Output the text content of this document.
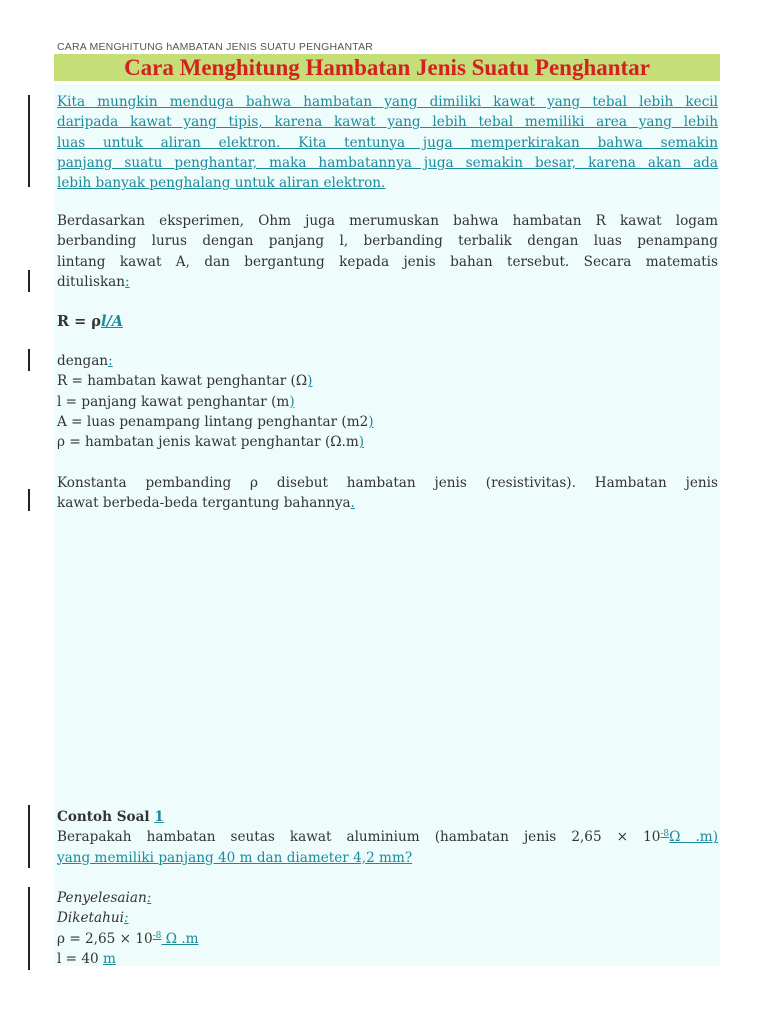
CARA MENGHITUNG hAMBATAN JENIS SUATU PENGHANTAR
Cara Menghitung Hambatan Jenis Suatu Penghantar
Kita mungkin menduga bahwa hambatan yang dimiliki kawat yang tebal lebih kecil
daripada kawat yang tipis, karena kawat yang lebih tebal memiliki area yang lebih
luas untuk aliran elektron. Kita tentunya juga memperkirakan bahwa semakin
panjang suatu penghantar, maka hambatannya juga semakin besar, karena akan ada
lebih banyak penghalang untuk aliran elektron.
Berdasarkan eksperimen, Ohm juga merumuskan bahwa hambatan R kawat logam
berbanding lurus dengan panjang l, berbanding terbalik dengan luas penampang
lintang kawat A, dan bergantung kepada jenis bahan tersebut. Secara matematis
dituliskan:
R = ρl/A
dengan:
R = hambatan kawat penghantar (Ω)
l = panjang kawat penghantar (m)
A = luas penampang lintang penghantar (m2)
ρ = hambatan jenis kawat penghantar (Ω.m)
Konstanta pembanding ρ disebut hambatan jenis (resistivitas). Hambatan jenis
kawat berbeda-beda tergantung bahannya.
Contoh Soal 1
Berapakah hambatan seutas kawat aluminium (hambatan jenis $2,65 \times 10^{-8}\Omega$ .m)
yang memiliki panjang 40 m dan diameter 4,2 mm?
Penyelesaian:
Diketahui:
$\rho = 2,65 \times 10^{-8}$ Ω .m
l = 40 m
